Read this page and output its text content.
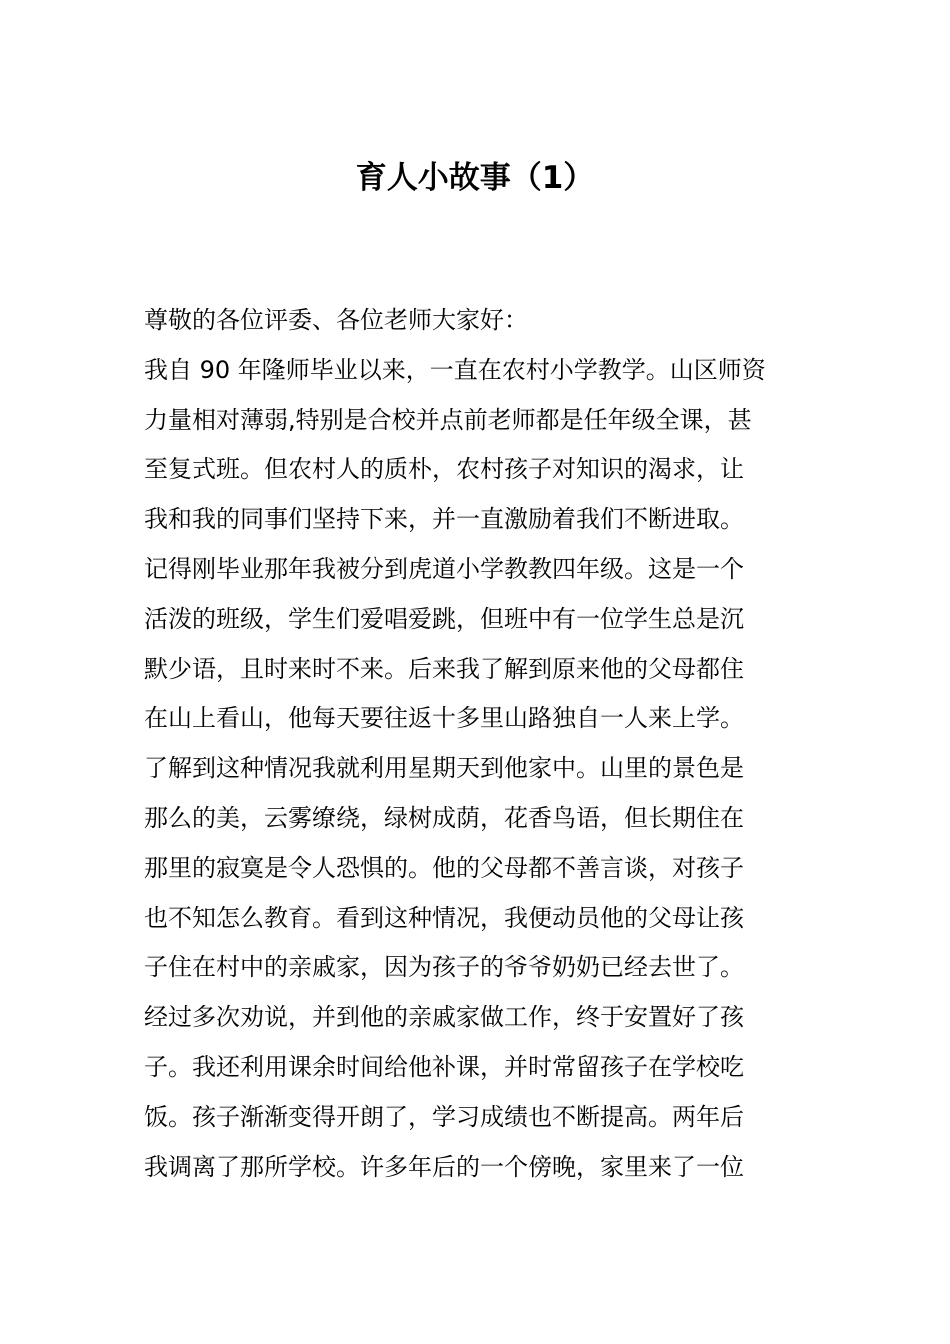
育人小故事（1）
尊敬的各位评委、各位老师大家好：
我自 90 年隆师毕业以来，一直在农村小学教学。山区师资
力量相对薄弱,特别是合校并点前老师都是任年级全课，甚
至复式班。但农村人的质朴，农村孩子对知识的渴求，让
我和我的同事们坚持下来，并一直激励着我们不断进取。
记得刚毕业那年我被分到虎道小学教教四年级。这是一个
活泼的班级，学生们爱唱爱跳，但班中有一位学生总是沉
默少语，且时来时不来。后来我了解到原来他的父母都住
在山上看山，他每天要往返十多里山路独自一人来上学。
了解到这种情况我就利用星期天到他家中。山里的景色是
那么的美，云雾缭绕，绿树成荫，花香鸟语，但长期住在
那里的寂寞是令人恐惧的。他的父母都不善言谈，对孩子
也不知怎么教育。看到这种情况，我便动员他的父母让孩
子住在村中的亲戚家，因为孩子的爷爷奶奶已经去世了。
经过多次劝说，并到他的亲戚家做工作，终于安置好了孩
子。我还利用课余时间给他补课，并时常留孩子在学校吃
饭。孩子渐渐变得开朗了，学习成绩也不断提高。两年后
我调离了那所学校。许多年后的一个傍晚，家里来了一位
